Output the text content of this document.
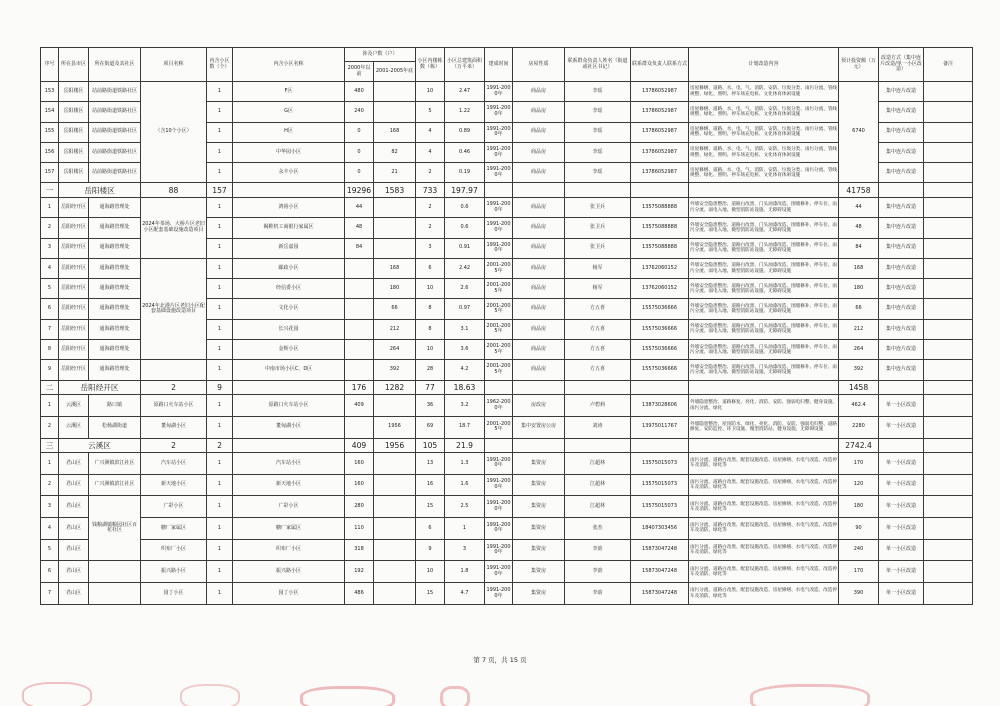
序号	所在县市区	所在街道及其社区	项目名称	内含小区数（个）	内含小区名称	涉及户数（户）		小区内楼栋数（栋）	小区总建筑面积（万平米）	建成时间	房屋性质	联系群众负责人姓名（街道或社区书记）	联系群众负责人联系方式	计划改造内容	预计投资额（万元）	改造方式（集中连片改造/单一小区改造）	备注
						2000年以前	2001-2005年底										
153	岳阳楼区	站前路街道铁路社区	（含10个小区）	1	F区	480		10	2.47	1991-2000年	商品房	李瑶	13786052987	房屋修缮、道路、水、电、气、消防、安防、垃圾分类、雨污分流、管线规整、绿化、照明、停车场充电桩、文化体育体闲设施	6740	集中连片改造	
154	岳阳楼区	站前路街道铁路社区		1	G区	240		5	1.22	1991-2000年	商品房	李瑶	13786052987	房屋修缮、道路、水、电、气、消防、安防、垃圾分类、雨污分流、管线规整、绿化、照明、停车场充电桩、文化体育体闲设施		集中连片改造	
155	岳阳楼区	站前路街道铁路社区		1	H区	0	168	4	0.89	1991-2000年	商品房	李瑶	13786052987	房屋修缮、道路、水、电、气、消防、安防、垃圾分类、雨污分流、管线规整、绿化、照明、停车场充电桩、文化体育体闲设施		集中连片改造	
156	岳阳楼区	站前路街道铁路社区		1	中华园小区	0	82	4	0.46	1991-2000年	商品房	李瑶	13786052987	房屋修缮、道路、水、电、气、消防、安防、垃圾分类、雨污分流、管线规整、绿化、照明、停车场充电桩、文化体育体闲设施		集中连片改造	
157	岳阳楼区	站前路街道铁路社区		1	永丰小区	0	21	2	0.19	1991-2000年	商品房	李瑶	13786052987	房屋修缮、道路、水、电、气、消防、安防、垃圾分类、雨污分流、管线规整、绿化、照明、停车场充电桩、文化体育体闲设施		集中连片改造	
一	岳阳楼区		88	157		19296	1583	733	197.97						41758		
1	岳阳经开区	通海路管理处	2024年茶场、大桥片区老旧小区配套基础设施改造项目	1	鸿裕小区	44		2	0.6	1991-2000年	商品房	张卫兵	13575088888	外墙安全隐患整治、道路白改黑、门头油漆改造、围墙修补、停车位、雨污分流、弱电入地、微型消防站设施、无障碍设施	44	集中连片改造	
2	岳阳经开区	通海路管理处		1	褐鞋机工商银行家属区	48		2	0.6	1991-2000年	商品房	张卫兵	13575088888	外墙安全隐患整治、道路白改黑、门头油漆改造、围墙修补、停车位、雨污分流、弱电入地、微型消防站设施、无障碍设施	48	集中连片改造	
3	岳阳经开区	通海路管理处		1	新岳嘉园	84		3	0.91	1991-2000年	商品房	张卫兵	13575088888	外墙安全隐患整治、道路白改黑、门头油漆改造、围墙修补、停车位、雨污分流、弱电入地、微型消防站设施、无障碍设施	84	集中连片改造	
4	岳阳经开区	通海路管理处	2024年北港片区老旧小区配套基础设施改造项目	1	邮政小区		168	6	2.42	2001-2005年	商品房	杨军	13762060152	外墙安全隐患整治、道路白改黑、门头油漆改造、围墙修补、停车位、雨污分流、弱电入地、微型消防站设施、无障碍设施	168	集中连片改造	
5	岳阳经开区	通海路管理处		1	经信委小区		180	10	2.6	2001-2005年	商品房	杨军	13762060152	外墙安全隐患整治、道路白改黑、门头油漆改造、围墙修补、停车位、雨污分流、弱电入地、微型消防站设施、无障碍设施	180	集中连片改造	
6	岳阳经开区	通海路管理处		1	文化小区		66	8	0.97	2001-2005年	商品房	方五喜	15575036666	外墙安全隐患整治、道路白改黑、门头油漆改造、围墙修补、停车位、雨污分流、弱电入地、微型消防站设施、无障碍设施	66	集中连片改造	
7	岳阳经开区	通海路管理处		1	长兴花园		212	8	3.1	2001-2005年	商品房	方五喜	15575036666	外墙安全隐患整治、道路白改黑、门头油漆改造、围墙修补、停车位、雨污分流、弱电入地、微型消防站设施、无障碍设施	212	集中连片改造	
8	岳阳经开区	通海路管理处		1	金辉小区		264	10	3.6	2001-2005年	商品房	方五喜	15575036666	外墙安全隐患整治、道路白改黑、门头油漆改造、围墙修补、停车位、雨污分流、弱电入地、微型消防站设施、无障碍设施	264	集中连片改造	
9	岳阳经开区	通海路管理处		1	中南市场小区C、D区		392	28	4.2	2001-2005年	商品房	方五喜	15575036666	外墙安全隐患整治、道路白改黑、门头油漆改造、围墙修补、停车位、雨污分流、弱电入地、微型消防站设施、无障碍设施	392	集中连片改造	
二	岳阳经开区		2	9		176	1282	77	18.63						1458		
1	云溪区	路口镇	原路口火车站小区	1	原路口火车站小区	409		36	3.2	1962-2000年	房改房	卢碧莉	13873028606	外墙隐患整治、道路修复、亮化、消防、安防、强弱电归整、健身设施、雨污分流、绿化	462.4	单一小区改造	
2	云溪区	松杨湖街道	董甸湖小区	1	董甸湖小区		1956	69	18.7	2001-2005年	集中安置房公房	刘涛	13975011767	外墙隐患整治、屋顶防水、绿化、亮化、消防、安防、强弱电归整、道路修复、安防监控、环卫设施、微型消防站、健身设施、无障碍设施	2280	单一小区改造	
三	云溪区		2	2		409	1956	105	21.9						2742.4		
1	君山区	广兴洲镇滨江社区	汽车站小区	1	汽车站小区	160		13	1.3	1991-2000年	集资房	江超林	13575015073	雨污分流、道路白改黑、配套设施改造、房屋修缮、水电气改造、改造停车及消防、绿化等	170	单一小区改造	
2	君山区	广兴洲镇滨江社区	新天地小区	1	新天地小区	160		16	1.6	1991-2000年	集资房	江超林	13575015073	雨污分流、道路白改黑、配套设施改造、房屋修缮、水电气改造、改造停车及消防、绿化等	120	单一小区改造	
3	君山区	钱粮湖镇粮园社区百花社区	广彩小区	1	广彩小区	280		15	2.5	1991-2000年	集资房	江超林	13575015073	雨污分流、道路白改黑、配套设施改造、房屋修缮、水电气改造、改造停车及消防、绿化等	180	单一小区改造	
4	君山区		糖厂家属区	1	糖厂家属区	110		6	1	1991-2000年	集资房	张杰	18407303456	雨污分流、道路白改黑、配套设施改造、房屋修缮、水电气改造、改造停车及消防、绿化等	90	单一小区改造	
5	君山区		织布厂小区	1	织布厂小区	318		9	3	1991-2000年	集资房	李韵	15873047248	雨污分流、道路白改黑、配套设施改造、房屋修缮、水电气改造、改造停车及消防、绿化等	240	单一小区改造	
6	君山区		振兴路小区	1	振兴路小区	192		10	1.8	1991-2000年	集资房	李韵	15873047248	雨污分流、道路白改黑、配套设施改造、房屋修缮、水电气改造、改造停车及消防、绿化等	170	单一小区改造	
7	君山区		园丁小区	1	园丁小区	486		15	4.7	1991-2000年	集资房	李韵	15873047248	雨污分流、道路白改黑、配套设施改造、房屋修缮、水电气改造、改造停车及消防、绿化等	390	单一小区改造	
第 7 页，共 15 页
